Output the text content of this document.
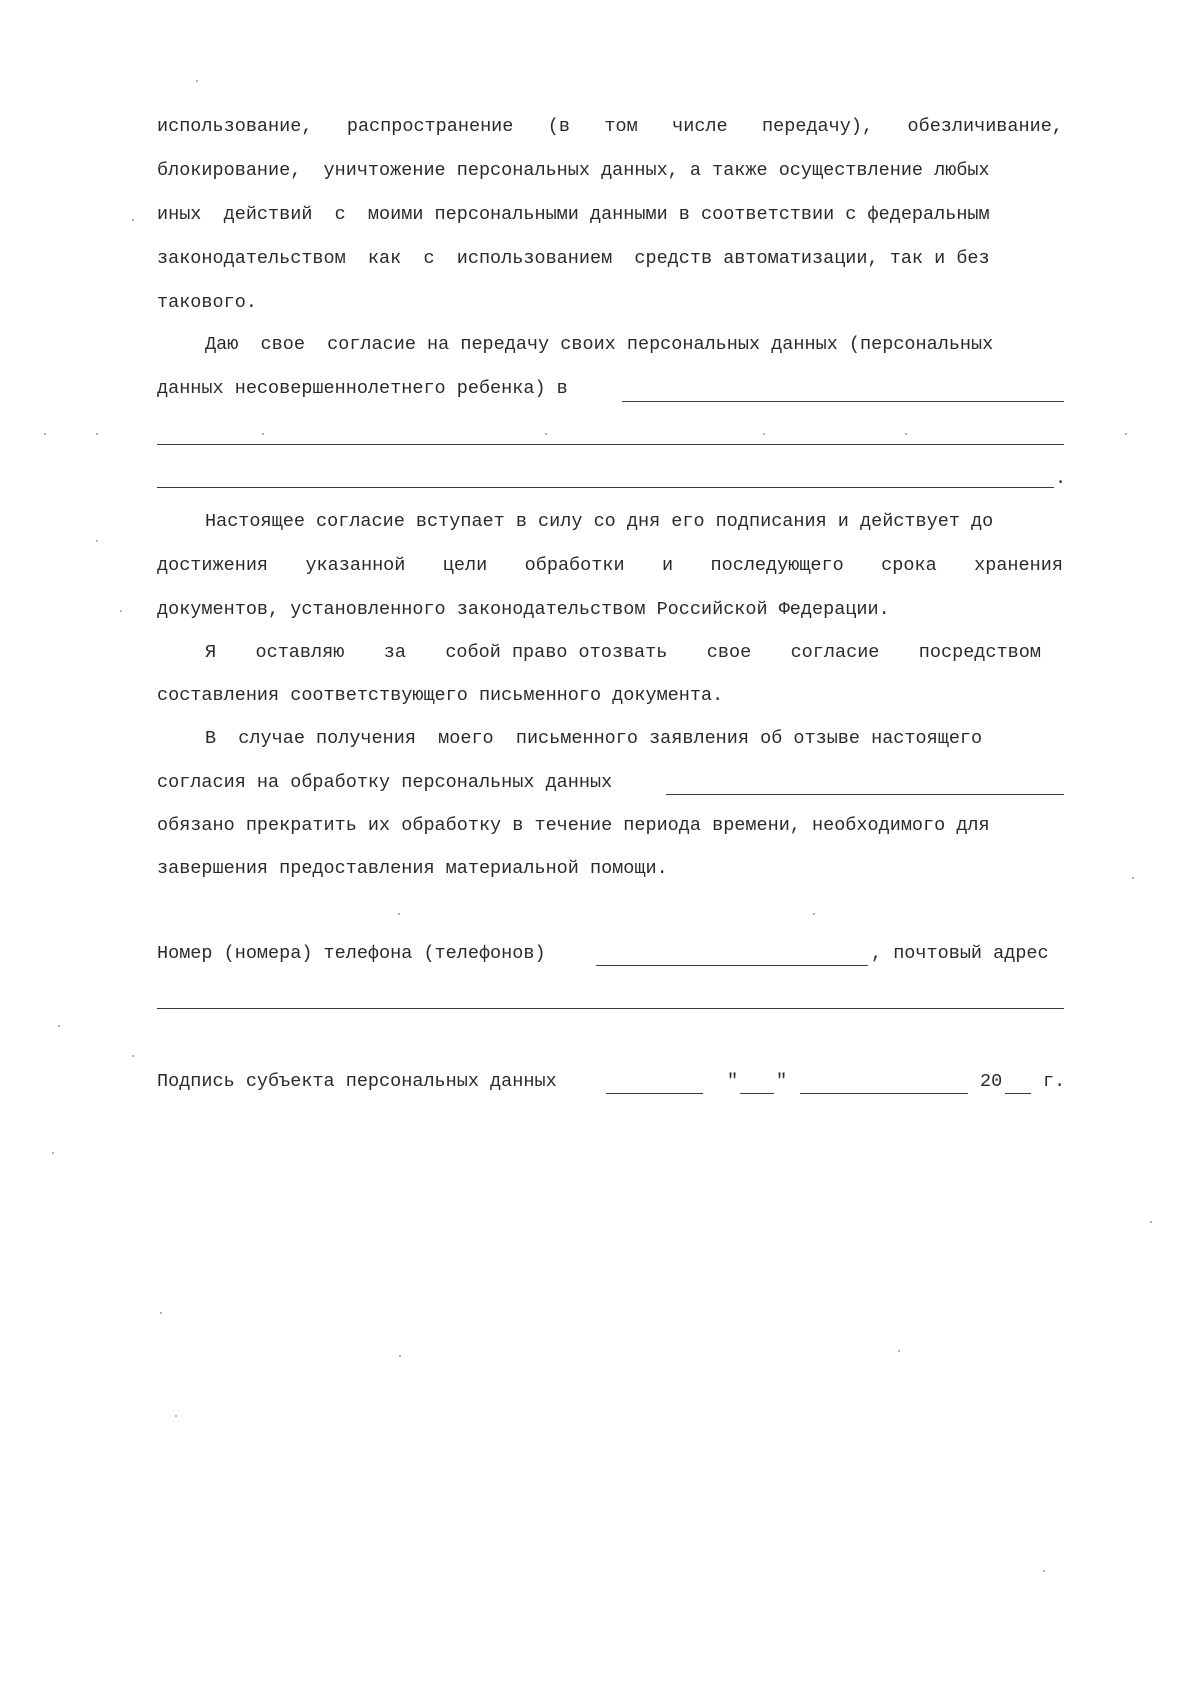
использование, распространение (в том числе передачу), обезличивание,
блокирование,  уничтожение персональных данных, а также осуществление любых
иных  действий  с  моими персональными данными в соответствии с федеральным
законодательством  как  с  использованием  средств автоматизации, так и без
такового.
Даю  свое  согласие на передачу своих персональных данных (персональных
данных несовершеннолетнего ребенка) в
.
Настоящее согласие вступает в силу со дня его подписания и действует до
достижения указанной цели обработки и последующего срока хранения
документов, установленного законодательством Российской Федерации.
Я оставляю за собой право отозвать свое согласие посредством
составления соответствующего письменного документа.
В  случае получения  моего  письменного заявления об отзыве настоящего
согласия на обработку персональных данных
обязано прекратить их обработку в течение периода времени, необходимого для
завершения предоставления материальной помощи.
Номер (номера) телефона (телефонов)	, почтовый адрес
Подпись субъекта персональных данных	" "	20 г.
